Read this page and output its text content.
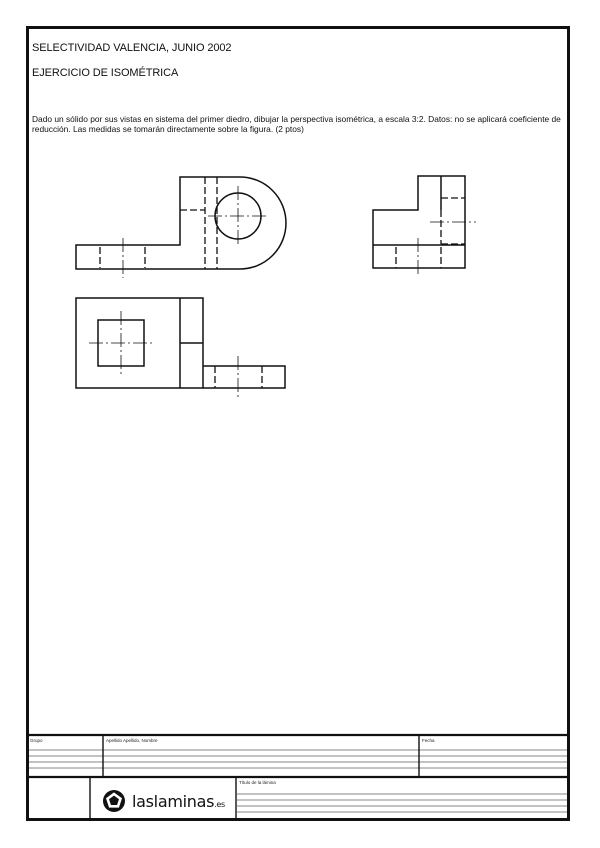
SELECTIVIDAD VALENCIA, JUNIO 2002
EJERCICIO DE ISOMÉTRICA
Dado un sólido por sus vistas en sistema del primer diedro, dibujar la perspectiva isométrica, a escala 3:2. Datos: no se aplicará coeficiente de reducción. Las medidas se tomarán directamente sobre la figura. (2 ptos)
Grupo	Apellido Apellido, Nombre	Fecha
Título de la lámina
laslaminas.es
